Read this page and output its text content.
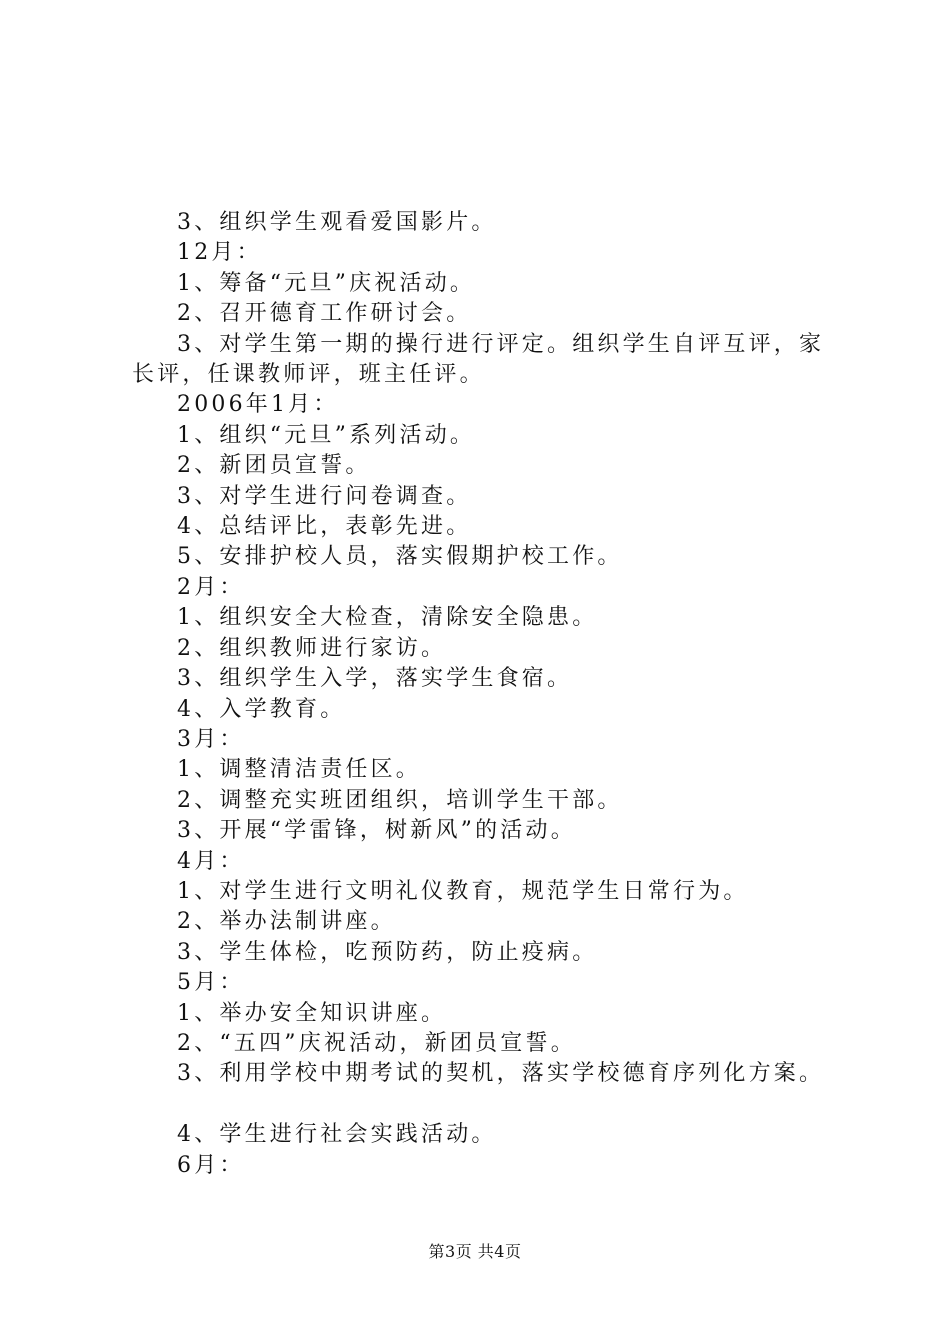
3、组织学生观看爱国影片。
12月：
1、筹备“元旦”庆祝活动。
2、召开德育工作研讨会。
3、对学生第一期的操行进行评定。组织学生自评互评，家
长评，任课教师评，班主任评。
2006年1月：
1、组织“元旦”系列活动。
2、新团员宣誓。
3、对学生进行问卷调查。
4、总结评比，表彰先进。
5、安排护校人员，落实假期护校工作。
2月：
1、组织安全大检查，清除安全隐患。
2、组织教师进行家访。
3、组织学生入学，落实学生食宿。
4、入学教育。
3月：
1、调整清洁责任区。
2、调整充实班团组织，培训学生干部。
3、开展“学雷锋，树新风”的活动。
4月：
1、对学生进行文明礼仪教育，规范学生日常行为。
2、举办法制讲座。
3、学生体检，吃预防药，防止疫病。
5月：
1、举办安全知识讲座。
2、“五四”庆祝活动，新团员宣誓。
3、利用学校中期考试的契机，落实学校德育序列化方案。
4、学生进行社会实践活动。
6月：
第3页 共4页
